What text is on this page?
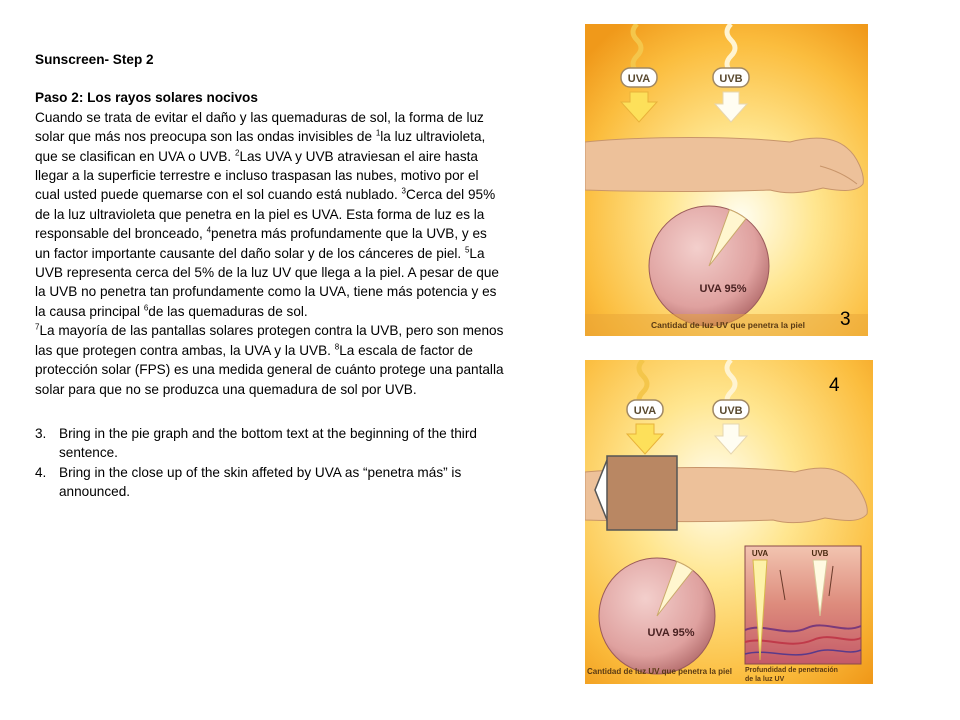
Sunscreen- Step 2

Paso 2: Los rayos solares nocivos

Cuando se trata de evitar el daño y las quemaduras de sol, la forma de luz solar que más nos preocupa son las ondas invisibles de $^1$la luz ultravioleta, que se clasifican en UVA o UVB. $^2$Las UVA y UVB atraviesan el aire hasta llegar a la superficie terrestre e incluso traspasan las nubes, motivo por el cual usted puede quemarse con el sol cuando está nublado. $^3$Cerca del 95% de la luz ultravioleta que penetra en la piel es UVA. Esta forma de luz es la responsable del bronceado, $^4$penetra más profundamente que la UVB, y es un factor importante causante del daño solar y de los cánceres de piel. $^5$La UVB representa cerca del 5% de la luz UV que llega a la piel. A pesar de que la UVB no penetra tan profundamente como la UVA, tiene más potencia y es la causa principal $^6$de las quemaduras de sol.

$^7$La mayoría de las pantallas solares protegen contra la UVB, pero son menos las que protegen contra ambas, la UVA y la UVB. $^8$La escala de factor de protección solar (FPS) es una medida general de cuánto protege una pantalla solar para que no se produzca una quemadura de sol por UVB.

3. Bring in the pie graph and the bottom text at the beginning of the third sentence.
4. Bring in the close up of the skin affeted by UVA as “penetra más” is announced.
UVA	UVB
UVA 95%
Cantidad de luz UV que penetra la piel 3
UVA	UVB
UVA 95%
UVA	UVB
Cantidad de luz UV que penetra la piel Profundidad de penetración
de la luz UV
4
